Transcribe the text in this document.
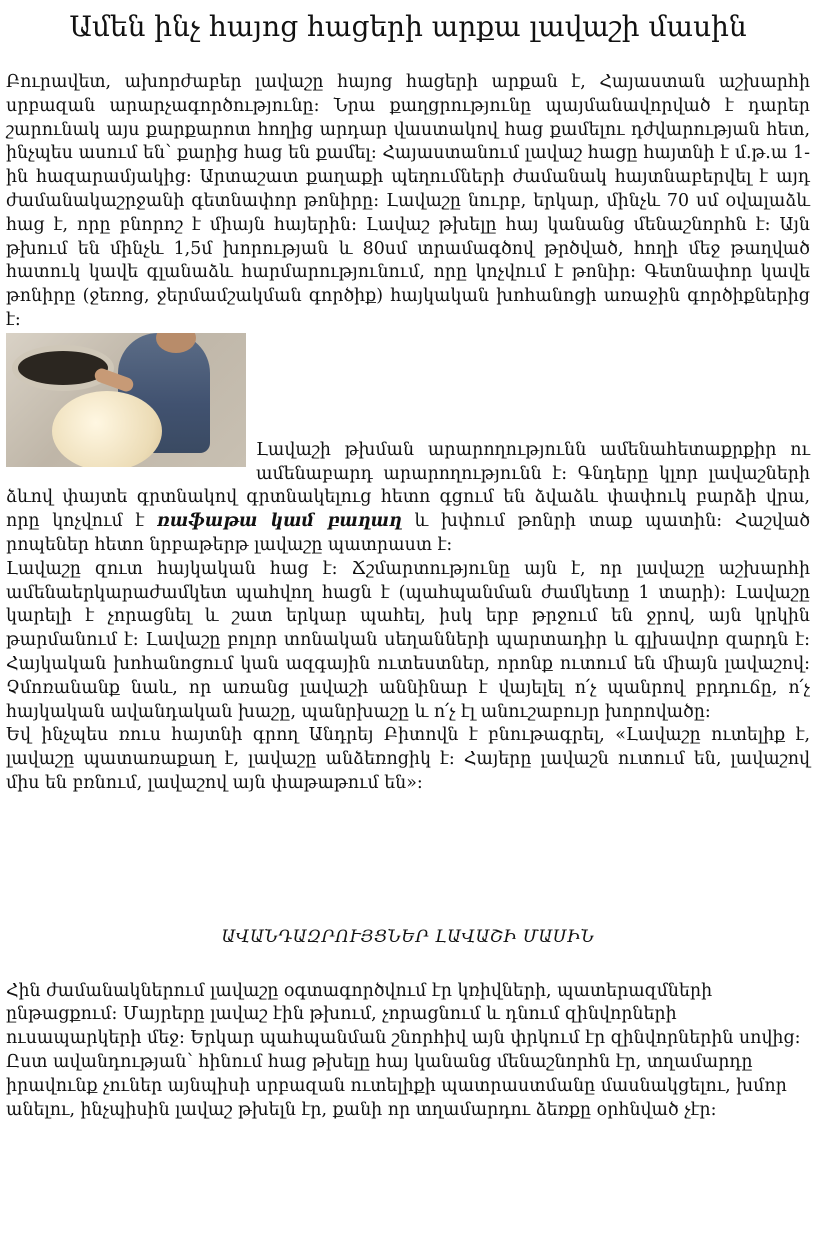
Ամեն ինչ հայոց հացերի արքա լավաշի մասին

Բուրավետ, ախորժաբեր լավաշը հայոց հացերի արքան է, Հայաստան աշխարհի սրբազան արարչագործությունը: Նրա քաղցրությունը պայմանավորված է դարեր շարունակ այս քարքարոտ հողից արդար վաստակով հաց քամելու դժվարության հետ, ինչպես ասում են՝ քարից հաց են քամել: Հայաստանում լավաշ հացը հայտնի է մ.թ.ա 1-ին հազարամյակից: Արտաշատ քաղաքի պեղումների ժամանակ հայտնաբերվել է այդ ժամանակաշրջանի գետնափոր թոնիրը: Լավաշը նուրբ, երկար, մինչև 70 սմ օվալաձև հաց է, որը բնորոշ է միայն հայերին: Լավաշ թխելը հայ կանանց մենաշնորհն է: Այն թխում են մինչև 1,5մ խորության և 80սմ տրամագծով թրծված, հողի մեջ թաղված հատուկ կավե գլանաձև հարմարությունում, որը կոչվում է թոնիր: Գետնափոր կավե թոնիրը (ջեռոց, ջերմամշակման գործիք) հայկական խոհանոցի առաջին գործիքներից է:

Լավաշի թխման արարողությունն ամենահետաքրքիր ու ամենաբարդ արարողությունն է: Գնդերը կլոր լավաշների ձևով փայտե գրտնակով գրտնակելուց հետո գցում են ձվաձև փափուկ բարձի վրա, որը կոչվում է ռաֆաթա կամ բաղաղ և խփում թոնրի տաք պատին: Հաշված րոպեներ հետո նրբաթերթ լավաշը պատրաստ է:

Լավաշը զուտ հայկական հաց է: Ճշմարտությունը այն է, որ լավաշը աշխարհի ամենաերկարաժամկետ պահվող հացն է (պահպանման ժամկետը 1 տարի): Լավաշը կարելի է չորացնել և շատ երկար պահել, իսկ երբ թրջում են ջրով, այն կրկին թարմանում է: Լավաշը բոլոր տոնական սեղանների պարտադիր և գլխավոր զարդն է: Հայկական խոհանոցում կան ազգային ուտեստներ, որոնք ուտում են միայն լավաշով: Չմոռանանք նաև, որ առանց լավաշի աննինար է վայելել ո՛չ պանրով բրդուճը, ո՛չ հայկական ավանդական խաշը, պանրխաշը և ո՛չ էլ անուշաբույր խորովածը:

Եվ ինչպես ռուս հայտնի գրող Անդրեյ Բիտովն է բնութագրել, «Լավաշը ուտելիք է, լավաշը պատառաքաղ է, լավաշը անձեռոցիկ է: Հայերը լավաշն ուտում են, լավաշով միս են բռնում, լավաշով այն փաթաթում են»:

ԱՎԱՆԴԱԶՐՈՒՅՑՆԵՐ ԼԱՎԱՇԻ ՄԱՍԻՆ

Հին ժամանակներում լավաշը օգտագործվում էր կռիվների, պատերազմների ընթացքում: Մայրերը լավաշ էին թխում, չորացնում և դնում զինվորների ուսապարկերի մեջ: Երկար պահպանման շնորհիվ այն փրկում էր զինվորներին սովից:

Ըստ ավանդության՝ հինում հաց թխելը հայ կանանց մենաշնորհն էր, տղամարդը իրավունք չուներ այնպիսի սրբազան ուտելիքի պատրաստմանը մասնակցելու, խմոր անելու, ինչպիսին լավաշ թխելն էր, քանի որ տղամարդու ձեռքը օրհնված չէր:
